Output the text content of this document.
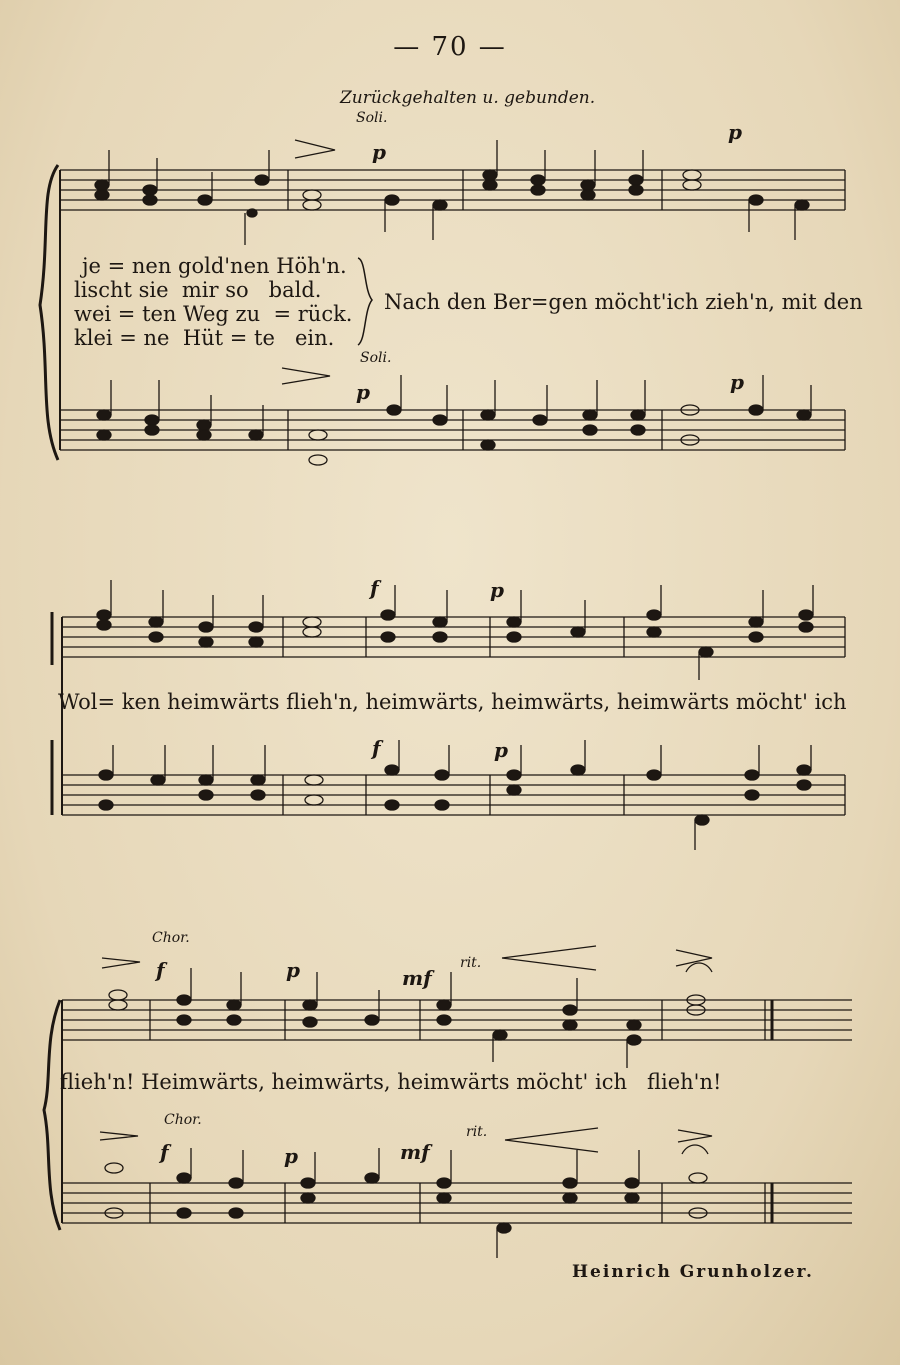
— 70 —
Zurückgehalten u. gebunden.
Soli.
p
p
Soli.
p	p
je = nen gold'nen Höh'n.
lischt sie  mir so   bald.
wei = ten Weg zu  = rück.
klei = ne  Hüt = te   ein.
Nach den Ber=gen möcht'ich zieh'n, mit den
f	p
f	p
Wol= ken heimwärts flieh'n, heimwärts, heimwärts, heimwärts möcht' ich
Chor.
rit.
f	p	mf
flieh'n! Heimwärts, heimwärts, heimwärts möcht' ich   flieh'n!
Chor.
rit.
f	p	mf
Heinrich Grunholzer.
